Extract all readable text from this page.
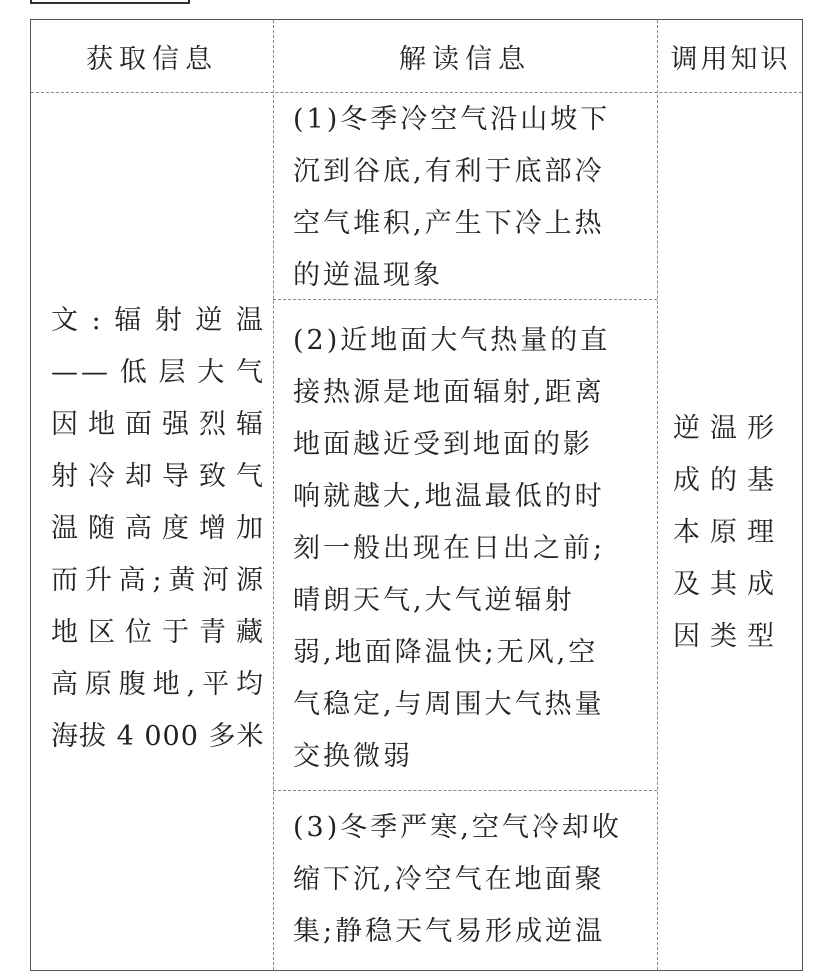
获取信息	解读信息	调用知识
文:辐射逆温
——低层大气
因地面强烈辐
射冷却导致气
温随高度增加
而升高;黄河源
地区位于青藏
高原腹地,平均
海拔 4 000 多米
(1)冬季冷空气沿山坡下
沉到谷底,有利于底部冷
空气堆积,产生下冷上热
的逆温现象
(2)近地面大气热量的直
接热源是地面辐射,距离
地面越近受到地面的影
响就越大,地温最低的时
刻一般出现在日出之前;
晴朗天气,大气逆辐射
弱,地面降温快;无风,空
气稳定,与周围大气热量
交换微弱
(3)冬季严寒,空气冷却收
缩下沉,冷空气在地面聚
集;静稳天气易形成逆温
逆温形
成的基
本原理
及其成
因类型
